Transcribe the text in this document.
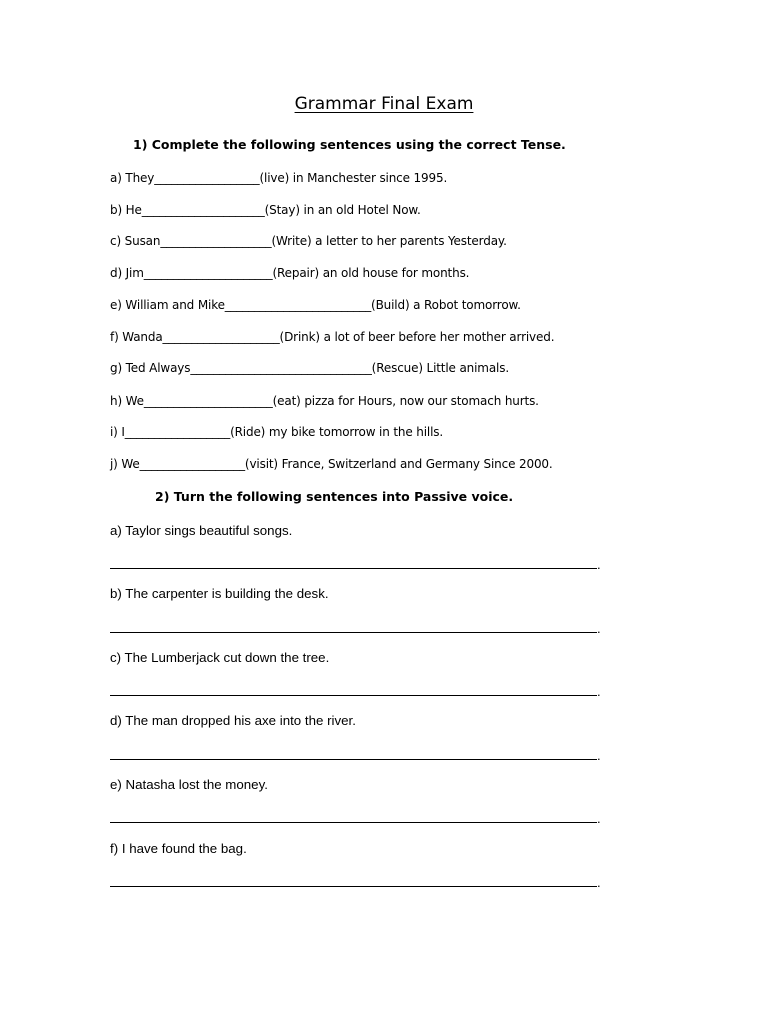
Grammar Final Exam
1) Complete the following sentences using the correct Tense.
a) They__________________(live) in Manchester since 1995.
b) He_____________________(Stay) in an old Hotel Now.
c) Susan___________________(Write) a letter to her parents Yesterday.
d) Jim______________________(Repair) an old house for months.
e) William and Mike_________________________(Build) a Robot tomorrow.
f) Wanda____________________(Drink) a lot of beer before her mother arrived.
g) Ted Always_______________________________(Rescue) Little animals.
h) We______________________(eat) pizza for Hours, now our stomach hurts.
i) I__________________(Ride) my bike tomorrow in the hills.
j) We__________________(visit) France, Switzerland and Germany Since 2000.
2) Turn the following sentences into Passive voice.
a) Taylor sings beautiful songs.
.
b) The carpenter is building the desk.
.
c) The Lumberjack cut down the tree.
.
d) The man dropped his axe into the river.
.
e) Natasha lost the money.
.
f) I have found the bag.
.
